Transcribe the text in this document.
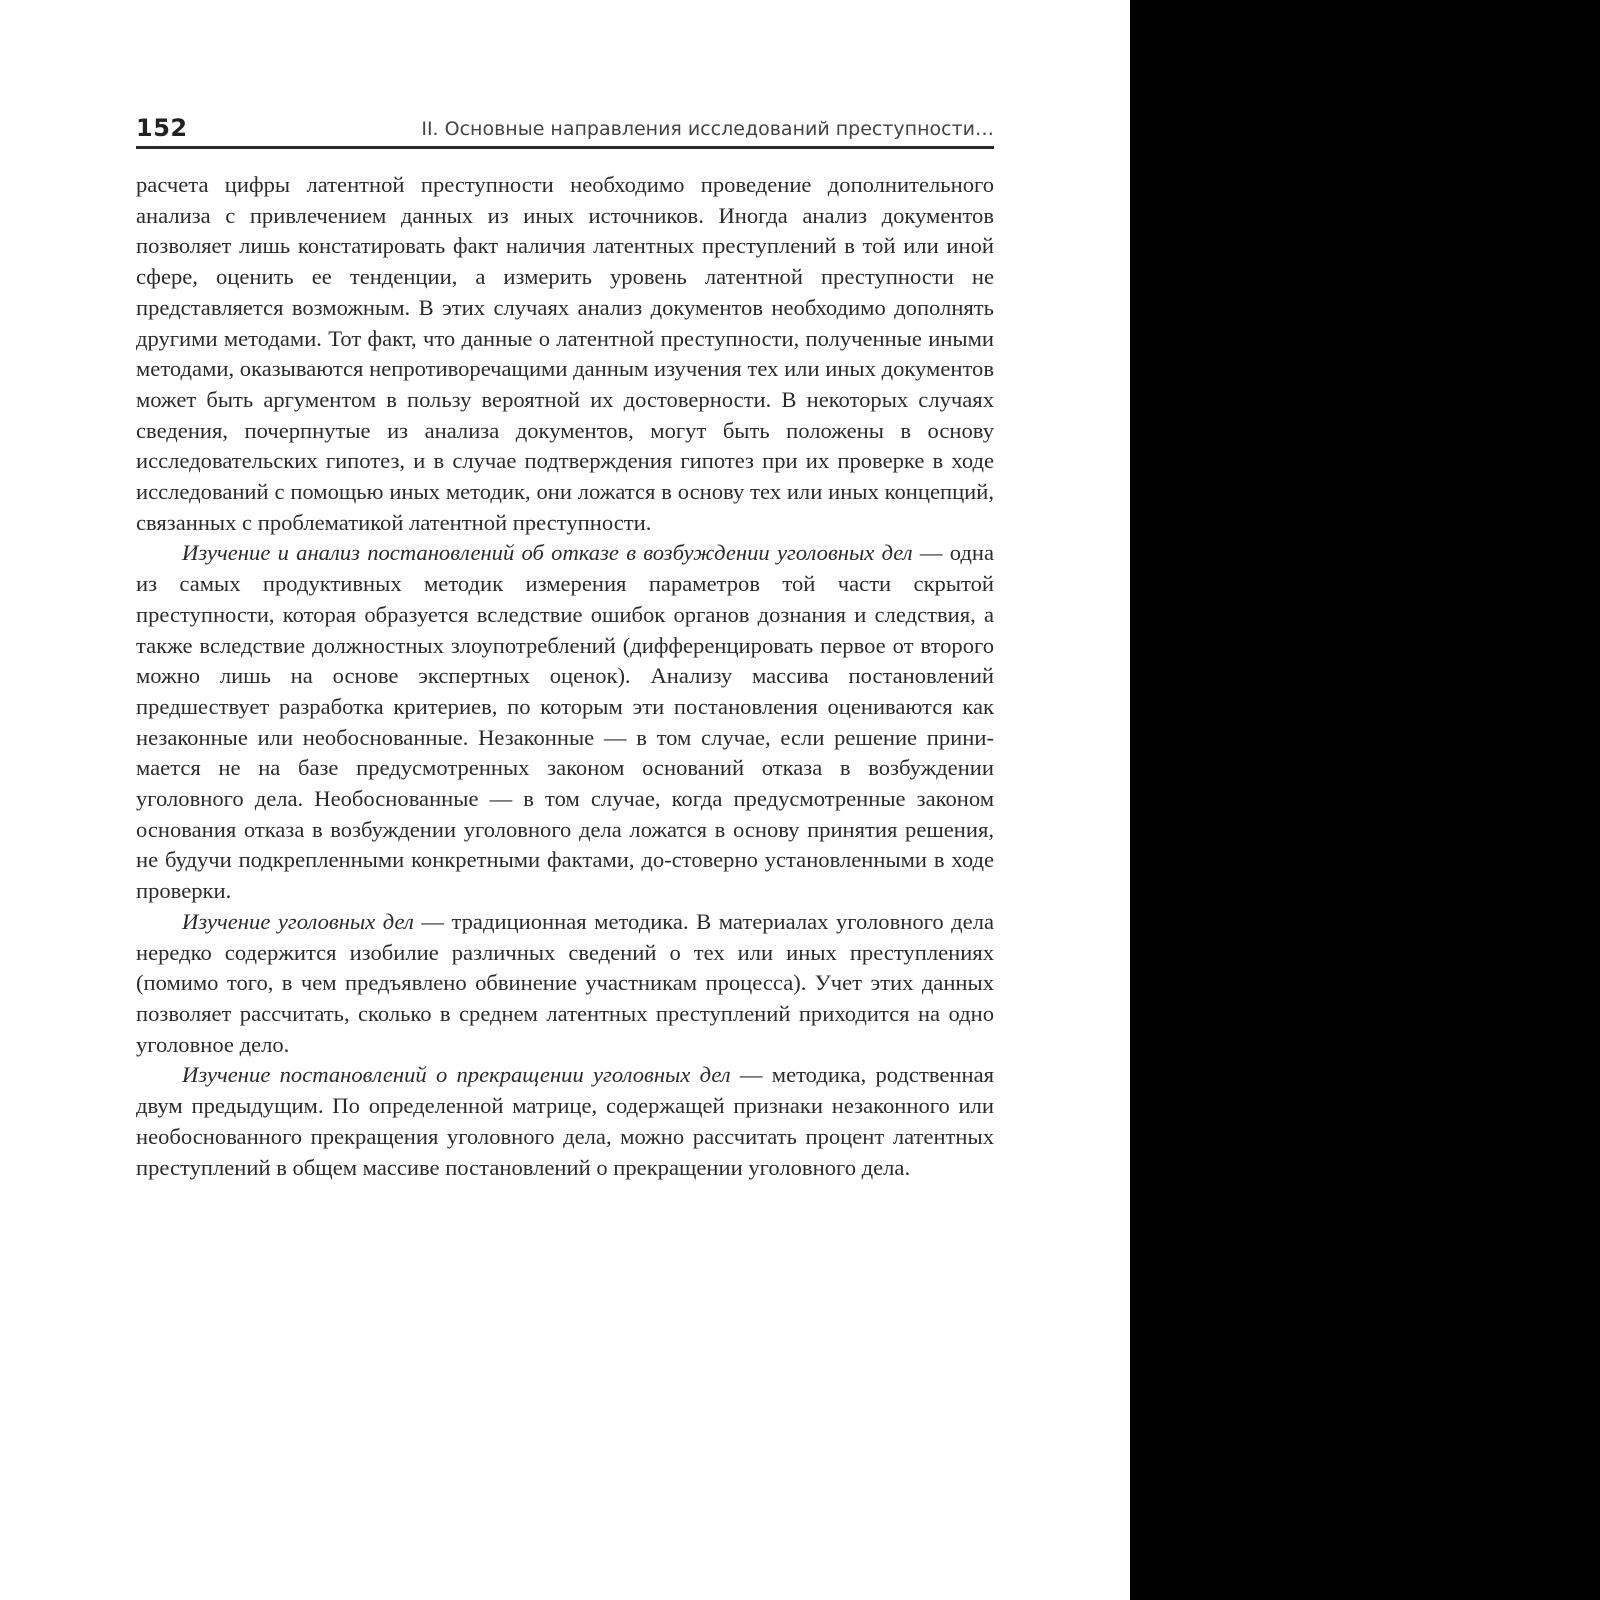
152	II. Основные направления исследований преступности…

расчета цифры латентной преступности необходимо проведение дополнительного анализа с привлечением данных из иных источников. Иногда анализ документов позволяет лишь констатировать факт наличия латентных преступлений в той или иной сфере, оценить ее тенденции, а измерить уровень латентной преступности не представляется возможным. В этих случаях анализ документов необходимо дополнять другими методами. Тот факт, что данные о латентной преступности, полученные иными методами, оказываются непротиворечащими данным изучения тех или иных документов может быть аргументом в пользу вероятной их достоверности. В некоторых случаях сведения, почерпнутые из анализа документов, могут быть положены в основу исследовательских гипотез, и в случае подтверждения гипотез при их проверке в ходе исследований с помощью иных методик, они ложатся в основу тех или иных концепций, связанных с проблематикой латентной преступности.

Изучение и анализ постановлений об отказе в возбуждении уголовных дел — одна из самых продуктивных методик измерения параметров той части скрытой преступности, которая образуется вследствие ошибок органов дознания и следствия, а также вследствие должностных злоупотреблений (дифференцировать первое от второго можно лишь на основе экспертных оценок). Анализу массива постановлений предшествует разработка критериев, по которым эти постановления оцениваются как незаконные или необоснованные. Незаконные — в том случае, если решение принимается не на базе предусмотренных законом оснований отказа в возбуждении уголовного дела. Необоснованные — в том случае, когда предусмотренные законом основания отказа в возбуждении уголовного дела ложатся в основу принятия решения, не будучи подкрепленными конкретными фактами, до-стоверно установленными в ходе проверки.

Изучение уголовных дел — традиционная методика. В материалах уголовного дела нередко содержится изобилие различных сведений о тех или иных преступлениях (помимо того, в чем предъявлено обвинение участникам процесса). Учет этих данных позволяет рассчитать, сколько в среднем латентных преступлений приходится на одно уголовное дело.

Изучение постановлений о прекращении уголовных дел — методика, родственная двум предыдущим. По определенной матрице, содержащей признаки незаконного или необоснованного прекращения уголовного дела, можно рассчитать процент латентных преступлений в общем массиве постановлений о прекращении уголовного дела.
